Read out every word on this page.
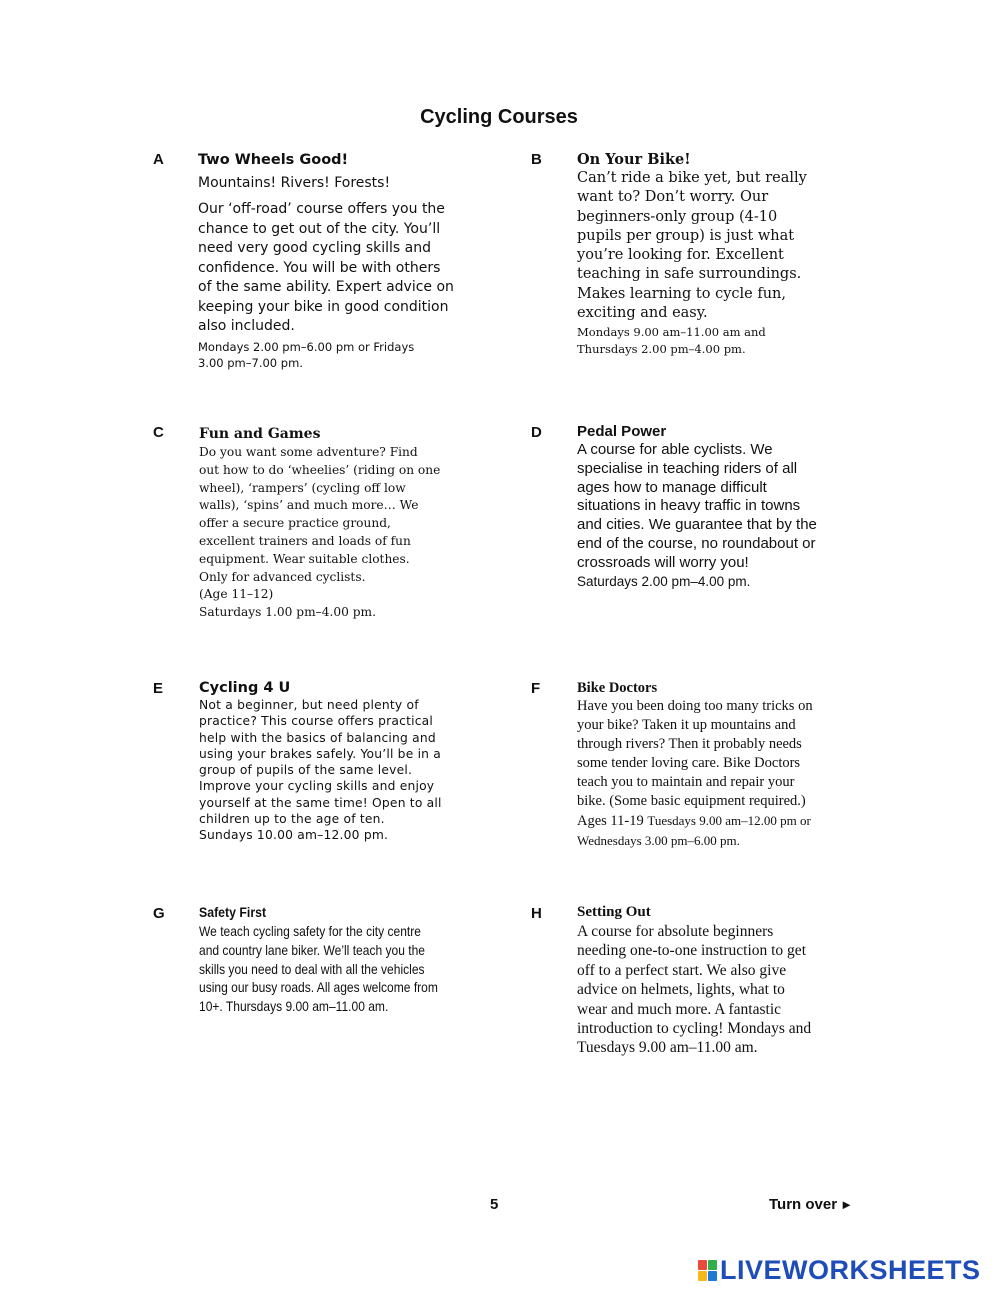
Cycling Courses
A Two Wheels Good!
Mountains! Rivers! Forests!
Our ‘off-road’ course offers you the
chance to get out of the city. You’ll
need very good cycling skills and
confidence. You will be with others
of the same ability. Expert advice on
keeping your bike in good condition
also included.
Mondays 2.00 pm–6.00 pm or Fridays
3.00 pm–7.00 pm.
B On Your Bike!
Can’t ride a bike yet, but really
want to? Don’t worry. Our
beginners-only group (4-10
pupils per group) is just what
you’re looking for. Excellent
teaching in safe surroundings.
Makes learning to cycle fun,
exciting and easy.
Mondays 9.00 am–11.00 am and
Thursdays 2.00 pm–4.00 pm.
C	Fun and Games
Do you want some adventure? Find
out how to do ‘wheelies’ (riding on one
wheel), ‘rampers’ (cycling off low
walls), ‘spins’ and much more… We
offer a secure practice ground,
excellent trainers and loads of fun
equipment. Wear suitable clothes.
Only for advanced cyclists.
(Age 11–12)
Saturdays 1.00 pm–4.00 pm.
D Pedal Power
A course for able cyclists. We
specialise in teaching riders of all
ages how to manage difficult
situations in heavy traffic in towns
and cities. We guarantee that by the
end of the course, no roundabout or
crossroads will worry you!
Saturdays 2.00 pm–4.00 pm.
E Cycling 4 U
Not a beginner, but need plenty of
practice? This course offers practical
help with the basics of balancing and
using your brakes safely. You’ll be in a
group of pupils of the same level.
Improve your cycling skills and enjoy
yourself at the same time! Open to all
children up to the age of ten.
Sundays 10.00 am–12.00 pm.
F	Bike Doctors
Have you been doing too many tricks on
your bike? Taken it up mountains and
through rivers? Then it probably needs
some tender loving care. Bike Doctors
teach you to maintain and repair your
bike. (Some basic equipment required.)
Ages 11-19 Tuesdays 9.00 am–12.00 pm or
Wednesdays 3.00 pm–6.00 pm.
G Safety First
We teach cycling safety for the city centre
and country lane biker. We’ll teach you the
skills you need to deal with all the vehicles
using our busy roads. All ages welcome from
10+. Thursdays 9.00 am–11.00 am.
H Setting Out
A course for absolute beginners
needing one-to-one instruction to get
off to a perfect start. We also give
advice on helmets, lights, what to
wear and much more. A fantastic
introduction to cycling! Mondays and
Tuesdays 9.00 am–11.00 am.
5	Turn over ►
LIVEWORKSHEETS
